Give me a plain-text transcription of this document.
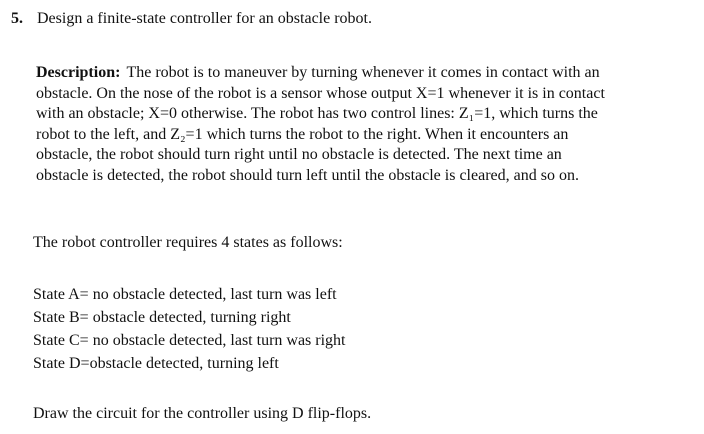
5. Design a finite-state controller for an obstacle robot.
Description: The robot is to maneuver by turning whenever it comes in contact with an
obstacle. On the nose of the robot is a sensor whose output X=1 whenever it is in contact
with an obstacle; X=0 otherwise. The robot has two control lines: Z₁=1, which turns the
robot to the left, and Z₂=1 which turns the robot to the right. When it encounters an
obstacle, the robot should turn right until no obstacle is detected. The next time an
obstacle is detected, the robot should turn left until the obstacle is cleared, and so on.
The robot controller requires 4 states as follows:
State A= no obstacle detected, last turn was left
State B= obstacle detected, turning right
State C= no obstacle detected, last turn was right
State D=obstacle detected, turning left
Draw the circuit for the controller using D flip-flops.
